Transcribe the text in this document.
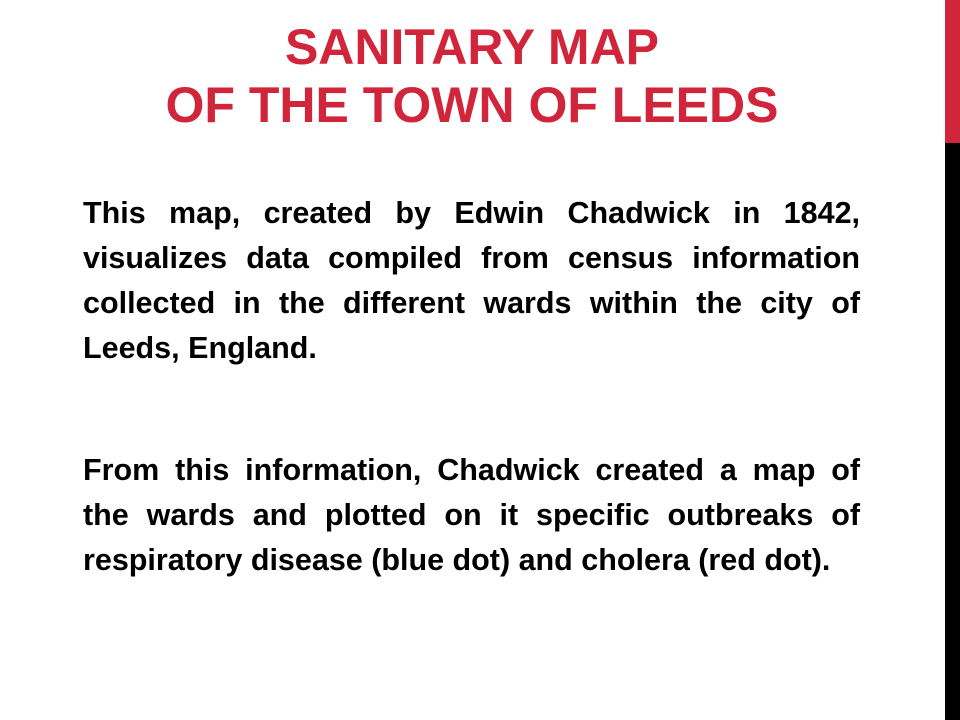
SANITARY MAP
OF THE TOWN OF LEEDS

This map, created by Edwin Chadwick in 1842, visualizes data compiled from census information collected in the different wards within the city of Leeds, England.

From this information, Chadwick created a map of the wards and plotted on it specific outbreaks of respiratory disease (blue dot) and cholera (red dot).
